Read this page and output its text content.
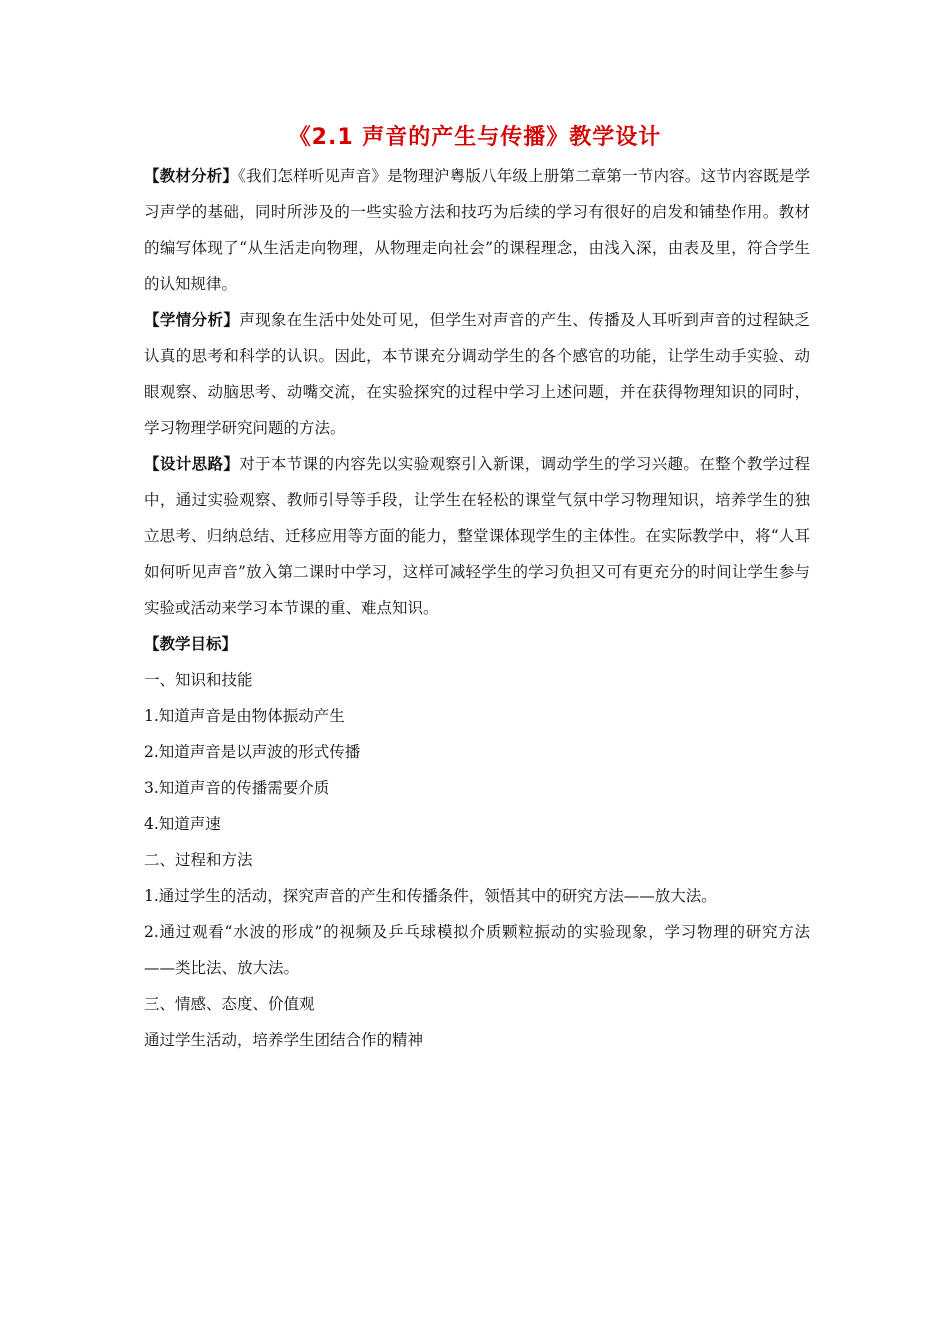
《2.1 声音的产生与传播》教学设计

【教材分析】《我们怎样听见声音》是物理沪粤版八年级上册第二章第一节内容。这节内容既是学习声学的基础，同时所涉及的一些实验方法和技巧为后续的学习有很好的启发和铺垫作用。教材的编写体现了“从生活走向物理，从物理走向社会”的课程理念，由浅入深，由表及里，符合学生的认知规律。

【学情分析】声现象在生活中处处可见，但学生对声音的产生、传播及人耳听到声音的过程缺乏认真的思考和科学的认识。因此，本节课充分调动学生的各个感官的功能，让学生动手实验、动眼观察、动脑思考、动嘴交流，在实验探究的过程中学习上述问题，并在获得物理知识的同时，学习物理学研究问题的方法。

【设计思路】对于本节课的内容先以实验观察引入新课，调动学生的学习兴趣。在整个教学过程中，通过实验观察、教师引导等手段，让学生在轻松的课堂气氛中学习物理知识，培养学生的独立思考、归纳总结、迁移应用等方面的能力，整堂课体现学生的主体性。在实际教学中，将“人耳如何听见声音”放入第二课时中学习，这样可减轻学生的学习负担又可有更充分的时间让学生参与实验或活动来学习本节课的重、难点知识。

【教学目标】

一、知识和技能

1.知道声音是由物体振动产生

2.知道声音是以声波的形式传播

3.知道声音的传播需要介质

4.知道声速

二、过程和方法

1.通过学生的活动，探究声音的产生和传播条件，领悟其中的研究方法——放大法。

2.通过观看“水波的形成”的视频及乒乓球模拟介质颗粒振动的实验现象，学习物理的研究方法——类比法、放大法。

三、情感、态度、价值观

通过学生活动，培养学生团结合作的精神
